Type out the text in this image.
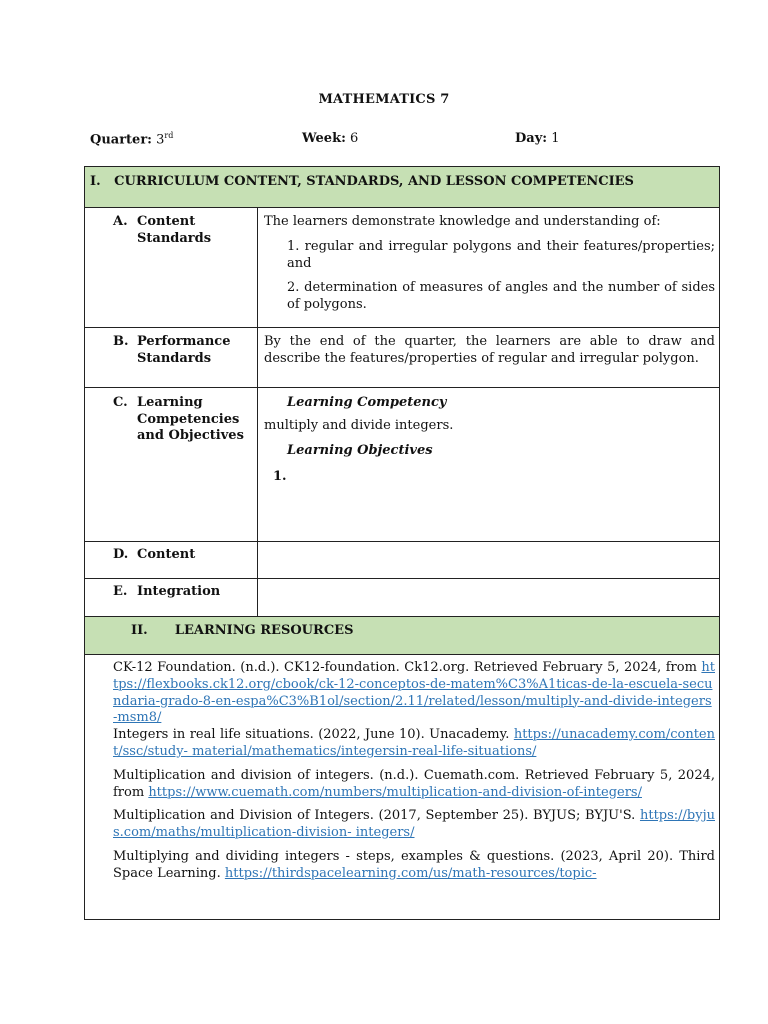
MATHEMATICS 7
Quarter: 3rd	Week: 6	Day: 1
I.   CURRICULUM CONTENT, STANDARDS, AND LESSON COMPETENCIES
A. Content Standards
The learners demonstrate knowledge and understanding of:
1. regular and irregular polygons and their features/properties; and
2. determination of measures of angles and the number of sides of polygons.
B. Performance Standards
By the end of the quarter, the learners are able to draw and describe the features/properties of regular and irregular polygon.
C. Learning Competencies and Objectives
Learning Competency
multiply and divide integers.
Learning Objectives
1.
D. Content
E. Integration
II.      LEARNING RESOURCES

CK-12 Foundation. (n.d.). CK12-foundation. Ck12.org. Retrieved February 5, 2024, from https://flexbooks.ck12.org/cbook/ck-12-conceptos-de-matem%C3%A1ticas-de-la-escuela-secundaria-grado-8-en-espa%C3%B1ol/section/2.11/related/lesson/multiply-and-divide-integers-msm8/

Integers in real life situations. (2022, June 10). Unacademy. https://unacademy.com/content/ssc/study- material/mathematics/integersin-real-life-situations/

Multiplication and division of integers. (n.d.). Cuemath.com. Retrieved February 5, 2024, from https://www.cuemath.com/numbers/multiplication-and-division-of-integers/

Multiplication and Division of Integers. (2017, September 25). BYJUS; BYJU'S. https://byjus.com/maths/multiplication-division- integers/

Multiplying and dividing integers - steps, examples & questions. (2023, April 20). Third Space Learning. https://thirdspacelearning.com/us/math-resources/topic-
